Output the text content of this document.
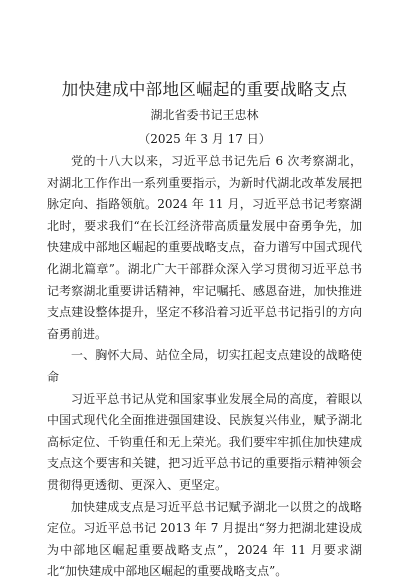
加快建成中部地区崛起的重要战略支点
湖北省委书记王忠林
（2025 年 3 月 17 日）

党的十八大以来，习近平总书记先后 6 次考察湖北，对湖北工作作出一系列重要指示，为新时代湖北改革发展把脉定向、指路领航。2024 年 11 月，习近平总书记考察湖北时，要求我们“在长江经济带高质量发展中奋勇争先，加快建成中部地区崛起的重要战略支点，奋力谱写中国式现代化湖北篇章”。湖北广大干部群众深入学习贯彻习近平总书记考察湖北重要讲话精神，牢记嘱托、感恩奋进，加快推进支点建设整体提升，坚定不移沿着习近平总书记指引的方向奋勇前进。

一、胸怀大局、站位全局，切实扛起支点建设的战略使命

习近平总书记从党和国家事业发展全局的高度，着眼以中国式现代化全面推进强国建设、民族复兴伟业，赋予湖北高标定位、千钧重任和无上荣光。我们要牢牢抓住加快建成支点这个要害和关键，把习近平总书记的重要指示精神领会贯彻得更透彻、更深入、更坚定。

加快建成支点是习近平总书记赋予湖北一以贯之的战略定位。习近平总书记 2013 年 7 月提出“努力把湖北建设成为中部地区崛起重要战略支点”，2024 年 11 月要求湖北“加快建成中部地区崛起的重要战略支点”。
